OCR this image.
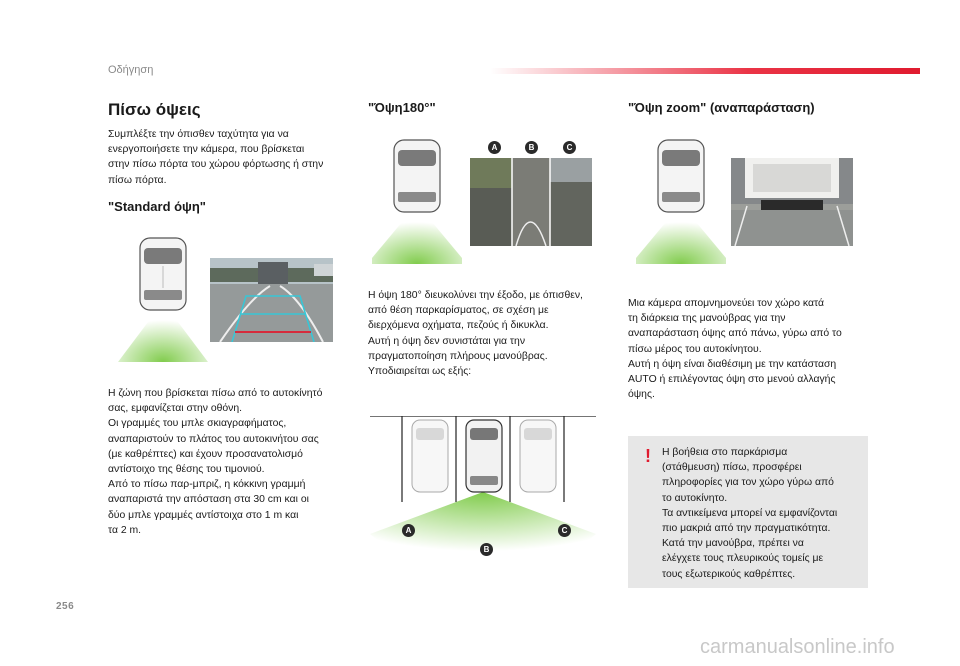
Οδήγηση
Πίσω όψεις
Συμπλέξτε την όπισθεν ταχύτητα για να
ενεργοποιήσετε την κάμερα, που βρίσκεται
στην πίσω πόρτα του χώρου φόρτωσης ή στην
πίσω πόρτα.
"Standard όψη"
Η ζώνη που βρίσκεται πίσω από το αυτοκίνητό
σας, εμφανίζεται στην οθόνη.
Οι γραμμές του μπλε σκιαγραφήματος,
αναπαριστούν το πλάτος του αυτοκινήτου σας
(με καθρέπτες) και έχουν προσανατολισμό
αντίστοιχο της θέσης του τιμονιού.
Από το πίσω παρ-μπριζ, η κόκκινη γραμμή
αναπαριστά την απόσταση στα 30 cm και οι
δύο μπλε γραμμές αντίστοιχα στο 1 m και
τα 2 m.
"Όψη180°"
A	B	C
Η όψη 180° διευκολύνει την έξοδο, με όπισθεν,
από θέση παρκαρίσματος, σε σχέση με
διερχόμενα οχήματα, πεζούς ή δικυκλα.
Αυτή η όψη δεν συνιστάται για την
πραγματοποίηση πλήρους μανούβρας.
Υποδιαιρείται ως εξής:
A
B
C
"Όψη zoom" (αναπαράσταση)
Μια κάμερα απομνημονεύει τον χώρο κατά
τη διάρκεια της μανούβρας για την
αναπαράσταση όψης από πάνω, γύρω από το
πίσω μέρος του αυτοκίνητου.
Αυτή η όψη είναι διαθέσιμη με την κατάσταση
AUTO ή επιλέγοντας όψη στο μενού αλλαγής
όψης.
! Η βοήθεια στο παρκάρισμα
(στάθμευση) πίσω, προσφέρει
πληροφορίες για τον χώρο γύρω από
το αυτοκίνητο.
Τα αντικείμενα μπορεί να εμφανίζονται
πιο μακριά από την πραγματικότητα.
Κατά την μανούβρα, πρέπει να
ελέγχετε τους πλευρικούς τομείς με
τους εξωτερικούς καθρέπτες.
256
carmanualsonline.info
